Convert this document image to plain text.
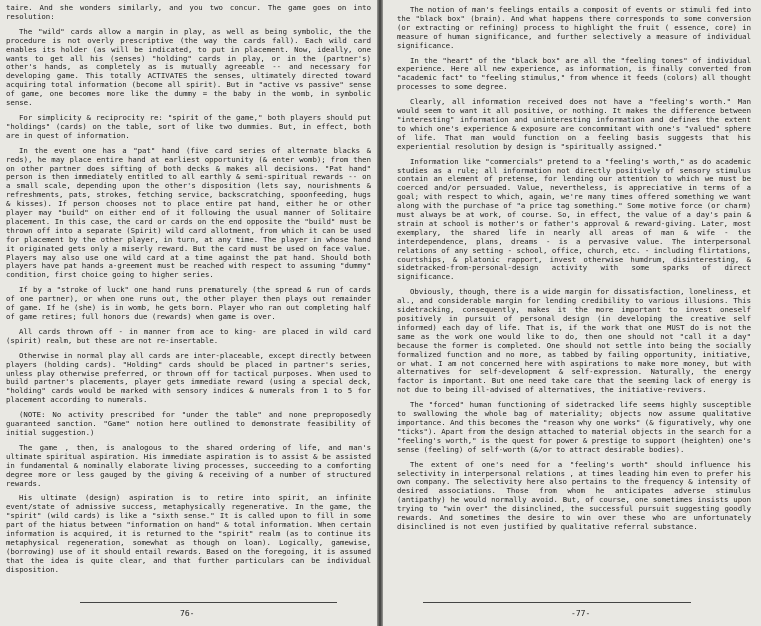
taire. And she wonders similarly, and you two concur. The game goes on into resolution:

The "wild" cards allow a margin in play, as well as being symbolic, the the procedure is not overly prescriptive (the way the cards fall). Each wild card enables its holder (as will be indicated, to put in placement. Now, ideally, one wants to get all his (senses) "holding" cards in play, or in the (partner's) other's hands, as completely as is mutually agreeable -- and necessary for developing game. This totally ACTIVATES the senses, ultimately directed toward acquiring total information (become all spirit). But in "active vs passive" sense of game, one becomes more like the dummy = the baby in the womb, in symbolic sense.

For simplicity & reciprocity re: "spirit of the game," both players should put "holdings" (cards) on the table, sort of like two dummies. But, in effect, both are in quest of information.

In the event one has a "pat" hand (five card series of alternate blacks & reds), he may place entire hand at earliest opportunity (& enter womb); from then on other partner does sifting of both decks & makes all decisions. "Pat hand" person is then immediately entitled to all earthly & semi-spiritual rewards -- on a small scale, depending upon the other's disposition (lets say, nourishments & refreshments, pats, strokes, fetching service, backscratching, spoonfeeding, hugs & kisses). If person chooses not to place entire pat hand, either he or other player may "build" on either end of it following the usual manner of Solitaire placement. In this case, the card or cards on the end opposite the "build" must be thrown off into a separate (Spirit) wild card allotment, from which it can be used for placement by the other player, in turn, at any time. The player in whose hand it originated gets only a miserly reward. But the card must be used on face value. Players may also use one wild card at a time against the pat hand. Should both players have pat hands a-greement must be reached with respect to assuming "dummy" condition, first choice going to higher series.

If by a "stroke of luck" one hand runs prematurely (the spread & run of cards of one partner), or when one runs out, the other player then plays out remainder of game. If he (she) is in womb, he gets born. Player who ran out completing half of game retires; full honors due (rewards) when game is over.

All cards thrown off - in manner from ace to king- are placed in wild card (spirit) realm, but these are not re-insertable.

Otherwise in normal play all cards are inter-placeable, except directly between players (holding cards). "Holding" cards should be placed in partner's series, unless play otherwise preferred, or thrown off for tactical purposes. When used to build partner's placements, player gets immediate reward (using a special deck, "holding" cards would be marked with sensory indices & numerals from 1 to 5 for placement according to numerals.

(NOTE: No activity prescribed for "under the table" and none preproposedly guaranteed sanction. "Game" notion here outlined to demonstrate feasibility of initial suggestion.)

The game , then, is analogous to the shared ordering of life, and man's ultimate spiritual aspiration. His immediate aspiration is to assist & be assisted in fundamental & nominally elaborate living processes, succeeding to a comforting degree more or less gauged by the giving & receiving of a number of structured rewards.

His ultimate (design) aspiration is to retire into spirit, an infinite event/state of admissive success, metaphysically regenerative. In the game, the "spirit" (wild cards) is like a "sixth sense." It is called upon to fill in some part of the hiatus between "information on hand" & total information. When certain information is acquired, it is returned to the "spirit" realm (as to continue its metaphysical regeneration, somewhat as though on loan). Logically, gamewise, (borrowing) use of it should entail rewards. Based on the foregoing, it is assumed that the idea is quite clear, and that further particulars can be individual disposition.

76-

The notion of man's feelings entails a composit of events or stimuli fed into the "black box" (brain). And what happens there corresponds to some conversion (or extracting or refining) process to highlight the fruit ( essence, core) in measure of human significance, and further selectively a measure of individual significance.

In the "heart" of the "black box" are all the "feeling tones" of individual experience. Here all new experience, as information, is finally converted from "academic fact" to "feeling stimulus," from whence it feeds (colors) all thought processes to some degree.

Clearly, all information received does not have a "feeling's worth." Man would seem to want it all positive, or nothing. It makes the difference between "interesting" information and uninteresting information and defines the extent to which one's experience & exposure are concommitant with one's "valued" sphere of life. That man would function on a feeling basis suggests that his experiential resolution by design is "spiritually assigned."

Information like "commercials" pretend to a "feeling's worth," as do academic studies as a rule; all information not directly positively of sensory stimulus contain an element of pretense, for lending our attention to which we must be coerced and/or persuaded. Value, nevertheless, is appreciative in terms of a goal; with respect to which, again, we're many times offered something we want along with the purchase of "a price tag something." Some motive force (or charm) must always be at work, of course. So, in effect, the value of a day's pain & strain at school is mother's or father's approval & reward-giving. Later, most exemplary, the shared life in nearly all areas of man & wife - the interdependence, plans, dreams - is a pervasive value. The interpersonal relations of any setting - school, office, church, etc. - including flirtations, courtships, & platonic rapport, invest otherwise humdrum, disinteresting, & sidetracked-from-personal-design activity with some sparks of direct significance.

Obviously, though, there is a wide margin for dissatisfaction, loneliness, et al., and considerable margin for lending credibility to various illusions. This sidetracking, consequently, makes it the more important to invest oneself positively in pursuit of personal design (in developing the creative self informed) each day of life. That is, if the work that one MUST do is not the same as the work one would like to do, then one should not "call it a day" because the former is completed. One should not settle into being the socially formalized function and no more, as tabbed by failing opportunity, initiative, or what. I am not concerned here with aspirations to make more money, but with alternatives for self-development & self-expression. Naturally, the energy factor is important. But one need take care that the seeming lack of energy is not due to being ill-advised of alternatives, the initiative-revivers.

The "forced" human functioning of sidetracked life seems highly susceptible to swallowing the whole bag of materiality; objects now assume qualitative importance. And this becomes the "reason why one works" (& figuratively, why one "ticks"). Apart from the design attached to material objects in the search for a "feeling's worth," is the quest for power & prestige to support (heighten) one's sense (feeling) of self-worth (&/or to attract desirable bodies).

The extent of one's need for a "feeling's worth" should influence his selectivity in interpersonal relations , at times leading him even to prefer his own company. The selectivity here also pertains to the frequency & intensity of desired associations. Those from whom he anticipates adverse stimulus (antipathy) he would normally avoid. But, of course, one sometimes insists upon trying to "win over" the disinclined, the successful pursuit suggesting goodly rewards. And sometimes the desire to win over these who are unfortunately disinclined is not even justified by qualitative referral substance.

-77-
